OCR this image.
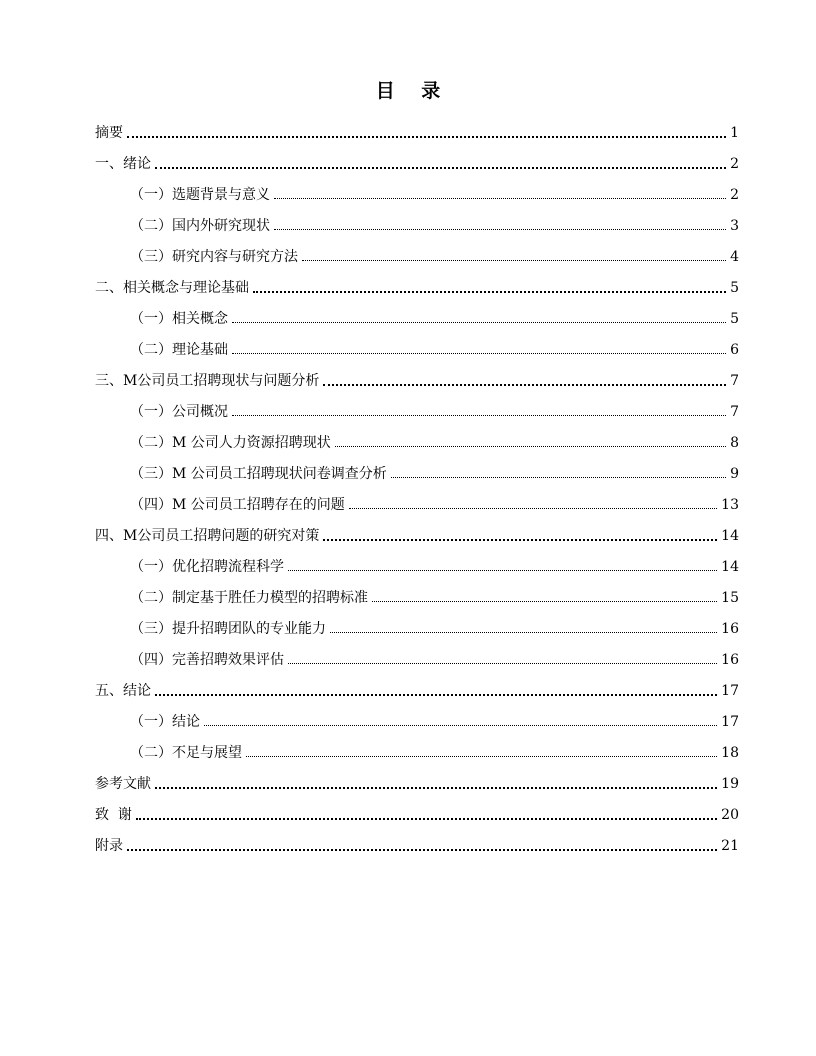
目    录
摘要	1
一、绪论	2
（一）选题背景与意义	2
（二）国内外研究现状	3
（三）研究内容与研究方法	4
二、相关概念与理论基础	5
（一）相关概念	5
（二）理论基础	6
三、M公司员工招聘现状与问题分析	7
（一）公司概况	7
（二）M 公司人力资源招聘现状	8
（三）M 公司员工招聘现状问卷调查分析	9
（四）M 公司员工招聘存在的问题	13
四、M公司员工招聘问题的研究对策	14
（一）优化招聘流程科学	14
（二）制定基于胜任力模型的招聘标准	15
（三）提升招聘团队的专业能力	16
（四）完善招聘效果评估	16
五、结论	17
（一）结论	17
（二）不足与展望	18
参考文献	19
致  谢	20
附录	21
